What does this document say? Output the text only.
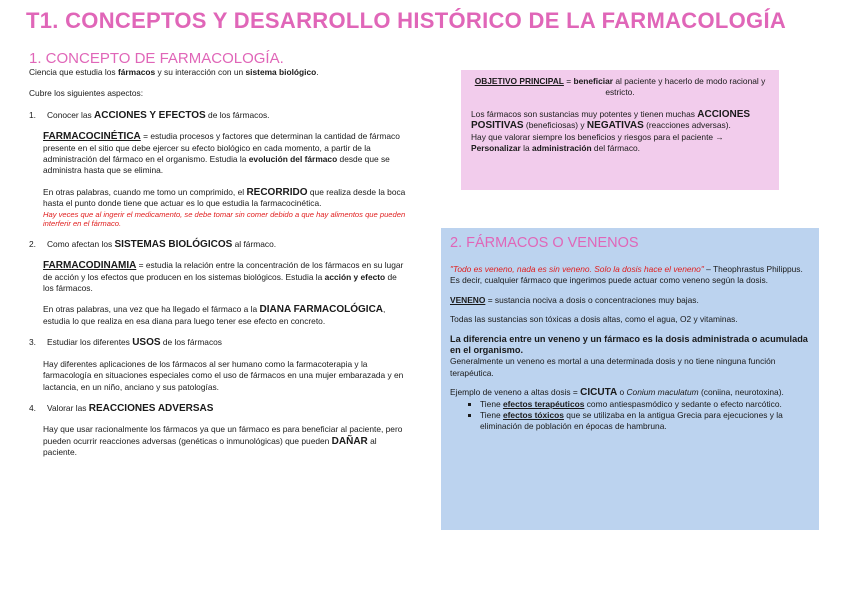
T1. CONCEPTOS Y DESARROLLO HISTÓRICO DE LA FARMACOLOGÍA
1. CONCEPTO DE FARMACOLOGÍA.

Ciencia que estudia los fármacos y su interacción con un sistema biológico.

Cubre los siguientes aspectos:

1.	Conocer las ACCIONES Y EFECTOS de los fármacos.

FARMACOCINÉTICA = estudia procesos y factores que determinan la cantidad de fármaco presente en el sitio que debe ejercer su efecto biológico en cada momento, a partir de la administración del fármaco en el organismo. Estudia la evolución del fármaco desde que se administra hasta que se elimina.

En otras palabras, cuando me tomo un comprimido, el RECORRIDO que realiza desde la boca hasta el punto donde tiene que actuar es lo que estudia la farmacocinética.

Hay veces que al ingerir el medicamento, se debe tomar sin comer debido a que hay alimentos que pueden interferir en el fármaco.

2.	Como afectan los SISTEMAS BIOLÓGICOS al fármaco.

FARMACODINAMIA = estudia la relación entre la concentración de los fármacos en su lugar de acción y los efectos que producen en los sistemas biológicos. Estudia la acción y efecto de los fármacos.

En otras palabras, una vez que ha llegado el fármaco a la DIANA FARMACOLÓGICA, estudia lo que realiza en esa diana para luego tener ese efecto en concreto.

3.	Estudiar los diferentes USOS de los fármacos

Hay diferentes aplicaciones de los fármacos al ser humano como la farmacoterapia y la farmacología en situaciones especiales como el uso de fármacos en una mujer embarazada y en lactancia, en un niño, anciano y sus patologías.

4.	Valorar las REACCIONES ADVERSAS

Hay que usar racionalmente los fármacos ya que un fármaco es para beneficiar al paciente, pero pueden ocurrir reacciones adversas (genéticas o inmunológicas) que pueden DAÑAR al paciente.

OBJETIVO PRINCIPAL = beneficiar al paciente y hacerlo de modo racional y estricto.

Los fármacos son sustancias muy potentes y tienen muchas ACCIONES POSITIVAS (beneficiosas) y NEGATIVAS (reacciones adversas).

Hay que valorar siempre los beneficios y riesgos para el paciente → Personalizar la administración del fármaco.

2. FÁRMACOS O VENENOS

"Todo es veneno, nada es sin veneno. Solo la dosis hace el veneno" – Theophrastus Philippus.

Es decir, cualquier fármaco que ingerimos puede actuar como veneno según la dosis.

VENENO = sustancia nociva a dosis o concentraciones muy bajas.

Todas las sustancias son tóxicas a dosis altas, como el agua, O2 y vitaminas.

La diferencia entre un veneno y un fármaco es la dosis administrada o acumulada en el organismo.

Generalmente un veneno es mortal a una determinada dosis y no tiene ninguna función terapéutica.

Ejemplo de veneno a altas dosis = CICUTA o Conium maculatum (coniina, neurotoxina).

▪ Tiene efectos terapéuticos como antiespasmódico y sedante o efecto narcótico.
▪ Tiene efectos tóxicos que se utilizaba en la antigua Grecia para ejecuciones y la eliminación de población en épocas de hambruna.
